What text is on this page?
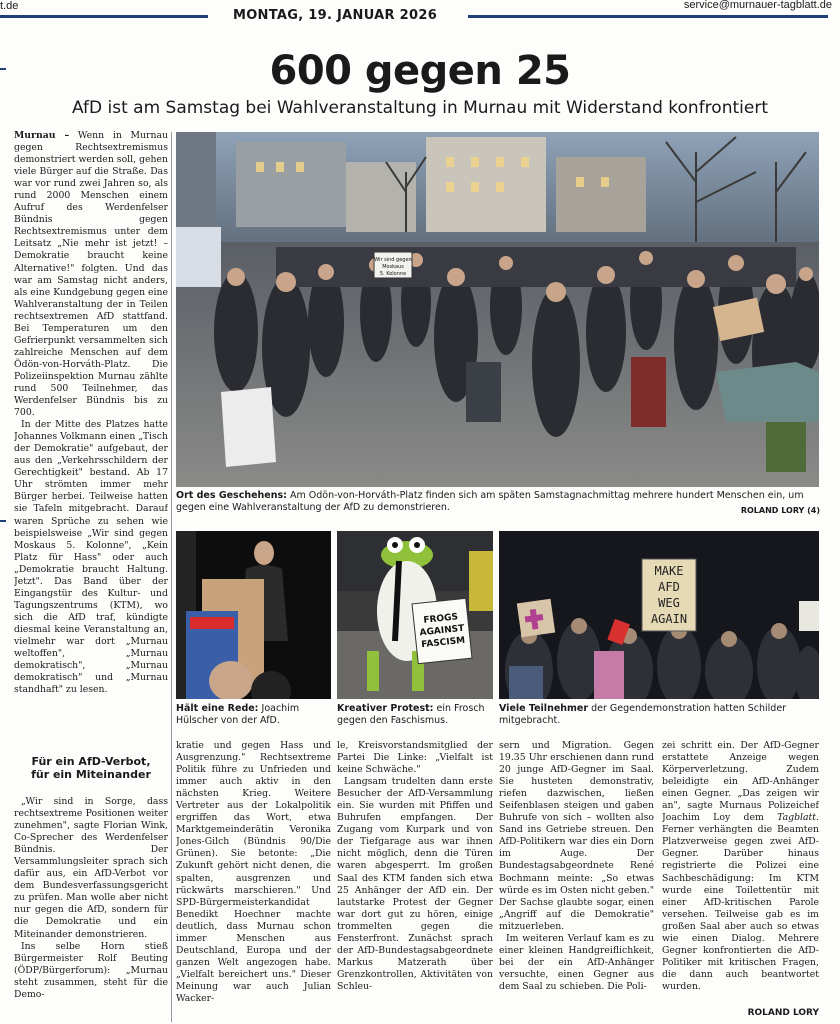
t.de
MONTAG, 19. JANUAR 2026
service@murnauer-tagblatt.de
600 gegen 25
AfD ist am Samstag bei Wahlveranstaltung in Murnau mit Widerstand konfrontiert

Murnau – Wenn in Murnau gegen Rechtsextremismus demonstriert werden soll, gehen viele Bürger auf die Straße. Das war vor rund zwei Jahren so, als rund 2000 Menschen einem Aufruf des Werdenfelser Bündnis gegen Rechtsextremismus unter dem Leitsatz „Nie mehr ist jetzt! – Demokratie braucht keine Alternative!" folgten. Und das war am Samstag nicht anders, als eine Kundgebung gegen eine Wahlveranstaltung der in Teilen rechtsextremen AfD stattfand. Bei Temperaturen um den Gefrierpunkt versammelten sich zahlreiche Menschen auf dem Ödön-von-Horváth-Platz. Die Polizeiinspektion Murnau zählte rund 500 Teilnehmer, das Werdenfelser Bündnis bis zu 700.

In der Mitte des Platzes hatte Johannes Volkmann einen „Tisch der Demokratie" aufgebaut, der aus den „Verkehrsschildern der Gerechtigkeit" bestand. Ab 17 Uhr strömten immer mehr Bürger herbei. Teilweise hatten sie Tafeln mitgebracht. Darauf waren Sprüche zu sehen wie beispielsweise „Wir sind gegen Moskaus 5. Kolonne", „Kein Platz für Hass" oder auch „Demokratie braucht Haltung. Jetzt". Das Band über der Eingangstür des Kultur- und Tagungszentrums (KTM), wo sich die AfD traf, kündigte diesmal keine Veranstaltung an, vielmehr war dort „Murnau weltoffen", „Murnau demokratisch", „Murnau demokratisch" und „Murnau standhaft" zu lesen.

Für ein AfD-Verbot,
für ein Miteinander

„Wir sind in Sorge, dass rechtsextreme Positionen weiter zunehmen", sagte Florian Wink, Co-Sprecher des Werdenfelser Bündnis. Der Versammlungsleiter sprach sich dafür aus, ein AfD-Verbot vor dem Bundesverfassungsgericht zu prüfen. Man wolle aber nicht nur gegen die AfD, sondern für die Demokratie und ein Miteinander demonstrieren.

Ins selbe Horn stieß Bürgermeister Rolf Beuting (ÖDP/Bürgerforum): „Murnau steht zusammen, steht für die Demo-

Wir sind gegen
Moskaus
5. Kolonne
Ort des Geschehens: Am Ödön-von-Horváth-Platz finden sich am späten Samstagnachmittag mehrere hundert Menschen ein, um gegen eine Wahlveranstaltung der AfD zu demonstrieren.	ROLAND LORY (4)
Hält eine Rede: Joachim Hülscher von der AfD.
FROGS
AGAINST
FASCISM
Kreativer Protest: ein Frosch gegen den Faschismus.
MAKE
AFD
WEG
AGAIN
Viele Teilnehmer der Gegendemonstration hatten Schilder mitgebracht.
kratie und gegen Hass und Ausgrenzung." Rechtsextreme Politik führe zu Unfrieden und immer auch aktiv in den nächsten Krieg. Weitere Vertreter aus der Lokalpolitik ergriffen das Wort, etwa Marktgemeinderätin Veronika Jones-Gilch (Bündnis 90/Die Grünen). Sie betonte: „Die Zukunft gehört nicht denen, die spalten, ausgrenzen und rückwärts marschieren." Und SPD-Bürgermeisterkandidat Benedikt Hoechner machte deutlich, dass Murnau schon immer Menschen aus Deutschland, Europa und der ganzen Welt angezogen habe. „Vielfalt bereichert uns." Dieser Meinung war auch Julian Wacker-

le, Kreisvorstandsmitglied der Partei Die Linke: „Vielfalt ist keine Schwäche."

Langsam trudelten dann erste Besucher der AfD-Versammlung ein. Sie wurden mit Pfiffen und Buhrufen empfangen. Der Zugang vom Kurpark und von der Tiefgarage aus war ihnen nicht möglich, denn die Türen waren abgesperrt. Im großen Saal des KTM fanden sich etwa 25 Anhänger der AfD ein. Der lautstarke Protest der Gegner war dort gut zu hören, einige trommelten gegen die Fensterfront. Zunächst sprach der AfD-Bundestagsabgeordnete Markus Matzerath über Grenzkontrollen, Aktivitäten von Schleu-

sern und Migration. Gegen 19.35 Uhr erschienen dann rund 20 junge AfD-Gegner im Saal. Sie husteten demonstrativ, riefen dazwischen, ließen Seifenblasen steigen und gaben Buhrufe von sich – wollten also Sand ins Getriebe streuen. Den AfD-Politikern war dies ein Dorn im Auge. Der Bundestagsabgeordnete René Bochmann meinte: „So etwas würde es im Osten nicht geben." Der Sachse glaubte sogar, einen „Angriff auf die Demokratie" mitzuerleben.

Im weiteren Verlauf kam es zu einer kleinen Handgreiflichkeit, bei der ein AfD-Anhänger versuchte, einen Gegner aus dem Saal zu schieben. Die Poli-

zei schritt ein. Der AfD-Gegner erstattete Anzeige wegen Körperverletzung. Zudem beleidigte ein AfD-Anhänger einen Gegner. „Das zeigen wir an", sagte Murnaus Polizeichef Joachim Loy dem Tagblatt. Ferner verhängten die Beamten Platzverweise gegen zwei AfD-Gegner. Darüber hinaus registrierte die Polizei eine Sachbeschädigung: Im KTM wurde eine Toilettentür mit einer AfD-kritischen Parole versehen. Teilweise gab es im großen Saal aber auch so etwas wie einen Dialog. Mehrere Gegner konfrontierten die AfD-Politiker mit kritischen Fragen, die dann auch beantwortet wurden.

ROLAND LORY
